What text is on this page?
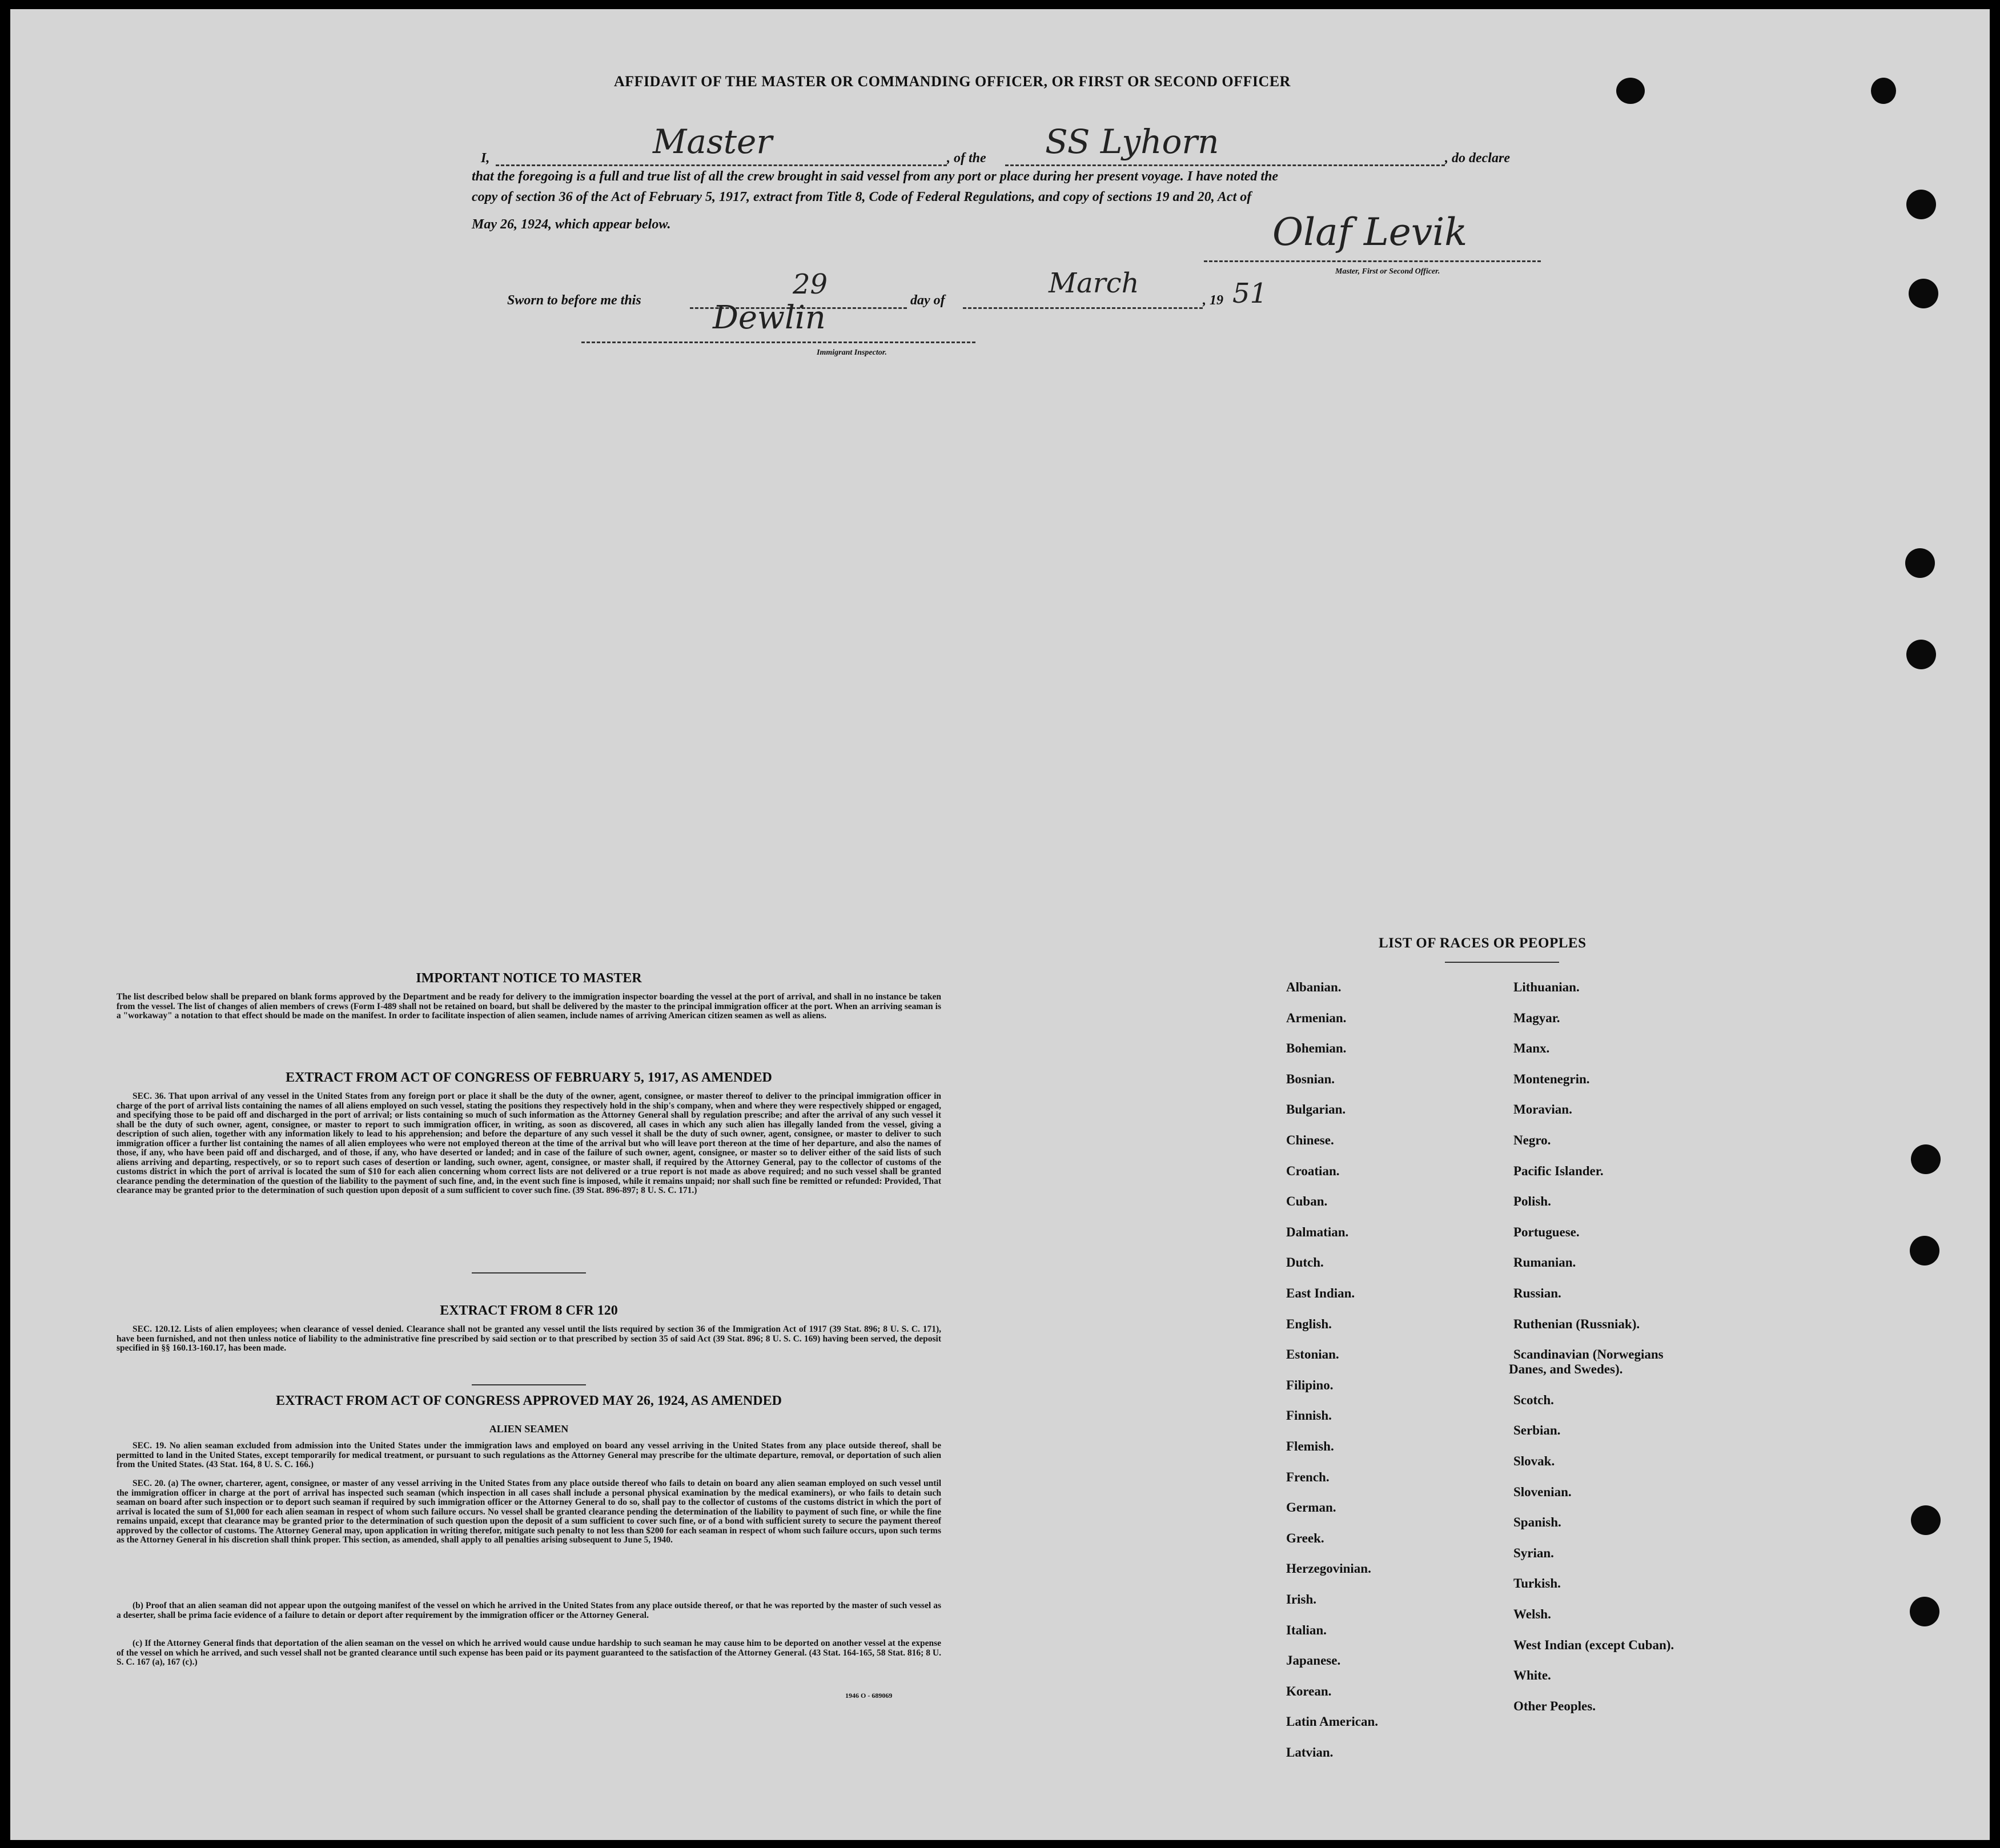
AFFIDAVIT OF THE MASTER OR COMMANDING OFFICER, OR FIRST OR SECOND OFFICER
I,	Master	, of the SS Lyhorn	, do declare
that the foregoing is a full and true list of all the crew brought in said vessel from any port or place during her present voyage. I have noted the
copy of section 36 of the Act of February 5, 1917, extract from Title 8, Code of Federal Regulations, and copy of sections 19 and 20, Act of
May 26, 1924, which appear below.	Olaf Levik
Master, First or Second Officer.
Sworn to before me this	29	day of
March
, 19 51
Dewlin
Immigrant Inspector.
IMPORTANT NOTICE TO MASTER
The list described below shall be prepared on blank forms approved by the Department and be ready for delivery to the immigration inspector boarding the vessel at the port of arrival, and shall in no instance be taken from the vessel. The list of changes of alien members of crews (Form I-489 shall not be retained on board, but shall be delivered by the master to the principal immigration officer at the port. When an arriving seaman is a "workaway" a notation to that effect should be made on the manifest. In order to facilitate inspection of alien seamen, include names of arriving American citizen seamen as well as aliens.
EXTRACT FROM ACT OF CONGRESS OF FEBRUARY 5, 1917, AS AMENDED
SEC. 36. That upon arrival of any vessel in the United States from any foreign port or place it shall be the duty of the owner, agent, consignee, or master thereof to deliver to the principal immigration officer in charge of the port of arrival lists containing the names of all aliens employed on such vessel, stating the positions they respectively hold in the ship's company, when and where they were respectively shipped or engaged, and specifying those to be paid off and discharged in the port of arrival; or lists containing so much of such information as the Attorney General shall by regulation prescribe; and after the arrival of any such vessel it shall be the duty of such owner, agent, consignee, or master to report to such immigration officer, in writing, as soon as discovered, all cases in which any such alien has illegally landed from the vessel, giving a description of such alien, together with any information likely to lead to his apprehension; and before the departure of any such vessel it shall be the duty of such owner, agent, consignee, or master to deliver to such immigration officer a further list containing the names of all alien employees who were not employed thereon at the time of the arrival but who will leave port thereon at the time of her departure, and also the names of those, if any, who have been paid off and discharged, and of those, if any, who have deserted or landed; and in case of the failure of such owner, agent, consignee, or master so to deliver either of the said lists of such aliens arriving and departing, respectively, or so to report such cases of desertion or landing, such owner, agent, consignee, or master shall, if required by the Attorney General, pay to the collector of customs of the customs district in which the port of arrival is located the sum of $10 for each alien concerning whom correct lists are not delivered or a true report is not made as above required; and no such vessel shall be granted clearance pending the determination of the question of the liability to the payment of such fine, and, in the event such fine is imposed, while it remains unpaid; nor shall such fine be remitted or refunded: Provided, That clearance may be granted prior to the determination of such question upon deposit of a sum sufficient to cover such fine. (39 Stat. 896-897; 8 U. S. C. 171.)
EXTRACT FROM 8 CFR 120
SEC. 120.12. Lists of alien employees; when clearance of vessel denied. Clearance shall not be granted any vessel until the lists required by section 36 of the Immigration Act of 1917 (39 Stat. 896; 8 U. S. C. 171), have been furnished, and not then unless notice of liability to the administrative fine prescribed by said section or to that prescribed by section 35 of said Act (39 Stat. 896; 8 U. S. C. 169) having been served, the deposit specified in §§ 160.13-160.17, has been made.
EXTRACT FROM ACT OF CONGRESS APPROVED MAY 26, 1924, AS AMENDED
ALIEN SEAMEN
SEC. 19. No alien seaman excluded from admission into the United States under the immigration laws and employed on board any vessel arriving in the United States from any place outside thereof, shall be permitted to land in the United States, except temporarily for medical treatment, or pursuant to such regulations as the Attorney General may prescribe for the ultimate departure, removal, or deportation of such alien from the United States. (43 Stat. 164, 8 U. S. C. 166.)
SEC. 20. (a) The owner, charterer, agent, consignee, or master of any vessel arriving in the United States from any place outside thereof who fails to detain on board any alien seaman employed on such vessel until the immigration officer in charge at the port of arrival has inspected such seaman (which inspection in all cases shall include a personal physical examination by the medical examiners), or who fails to detain such seaman on board after such inspection or to deport such seaman if required by such immigration officer or the Attorney General to do so, shall pay to the collector of customs of the customs district in which the port of arrival is located the sum of $1,000 for each alien seaman in respect of whom such failure occurs. No vessel shall be granted clearance pending the determination of the liability to payment of such fine, or while the fine remains unpaid, except that clearance may be granted prior to the determination of such question upon the deposit of a sum sufficient to cover such fine, or of a bond with sufficient surety to secure the payment thereof approved by the collector of customs. The Attorney General may, upon application in writing therefor, mitigate such penalty to not less than $200 for each seaman in respect of whom such failure occurs, upon such terms as the Attorney General in his discretion shall think proper. This section, as amended, shall apply to all penalties arising subsequent to June 5, 1940.
(b) Proof that an alien seaman did not appear upon the outgoing manifest of the vessel on which he arrived in the United States from any place outside thereof, or that he was reported by the master of such vessel as a deserter, shall be prima facie evidence of a failure to detain or deport after requirement by the immigration officer or the Attorney General.
(c) If the Attorney General finds that deportation of the alien seaman on the vessel on which he arrived would cause undue hardship to such seaman he may cause him to be deported on another vessel at the expense of the vessel on which he arrived, and such vessel shall not be granted clearance until such expense has been paid or its payment guaranteed to the satisfaction of the Attorney General. (43 Stat. 164-165, 58 Stat. 816; 8 U. S. C. 167 (a), 167 (c).)
1946 O - 689069
LIST OF RACES OR PEOPLES
Albanian.
Armenian.
Bohemian.
Bosnian.
Bulgarian.
Chinese.
Croatian.
Cuban.
Dalmatian.
Dutch.
East Indian.
English.
Estonian.
Filipino.
Finnish.
Flemish.
French.
German.
Greek.
Herzegovinian.
Irish.
Italian.
Japanese.
Korean.
Latin American.
Latvian.
Lithuanian.
Magyar.
Manx.
Montenegrin.
Moravian.
Negro.
Pacific Islander.
Polish.
Portuguese.
Rumanian.
Russian.
Ruthenian (Russniak).
Scandinavian (Norwegians
Danes, and Swedes).
Scotch.
Serbian.
Slovak.
Slovenian.
Spanish.
Syrian.
Turkish.
Welsh.
West Indian (except Cuban).
White.
Other Peoples.
